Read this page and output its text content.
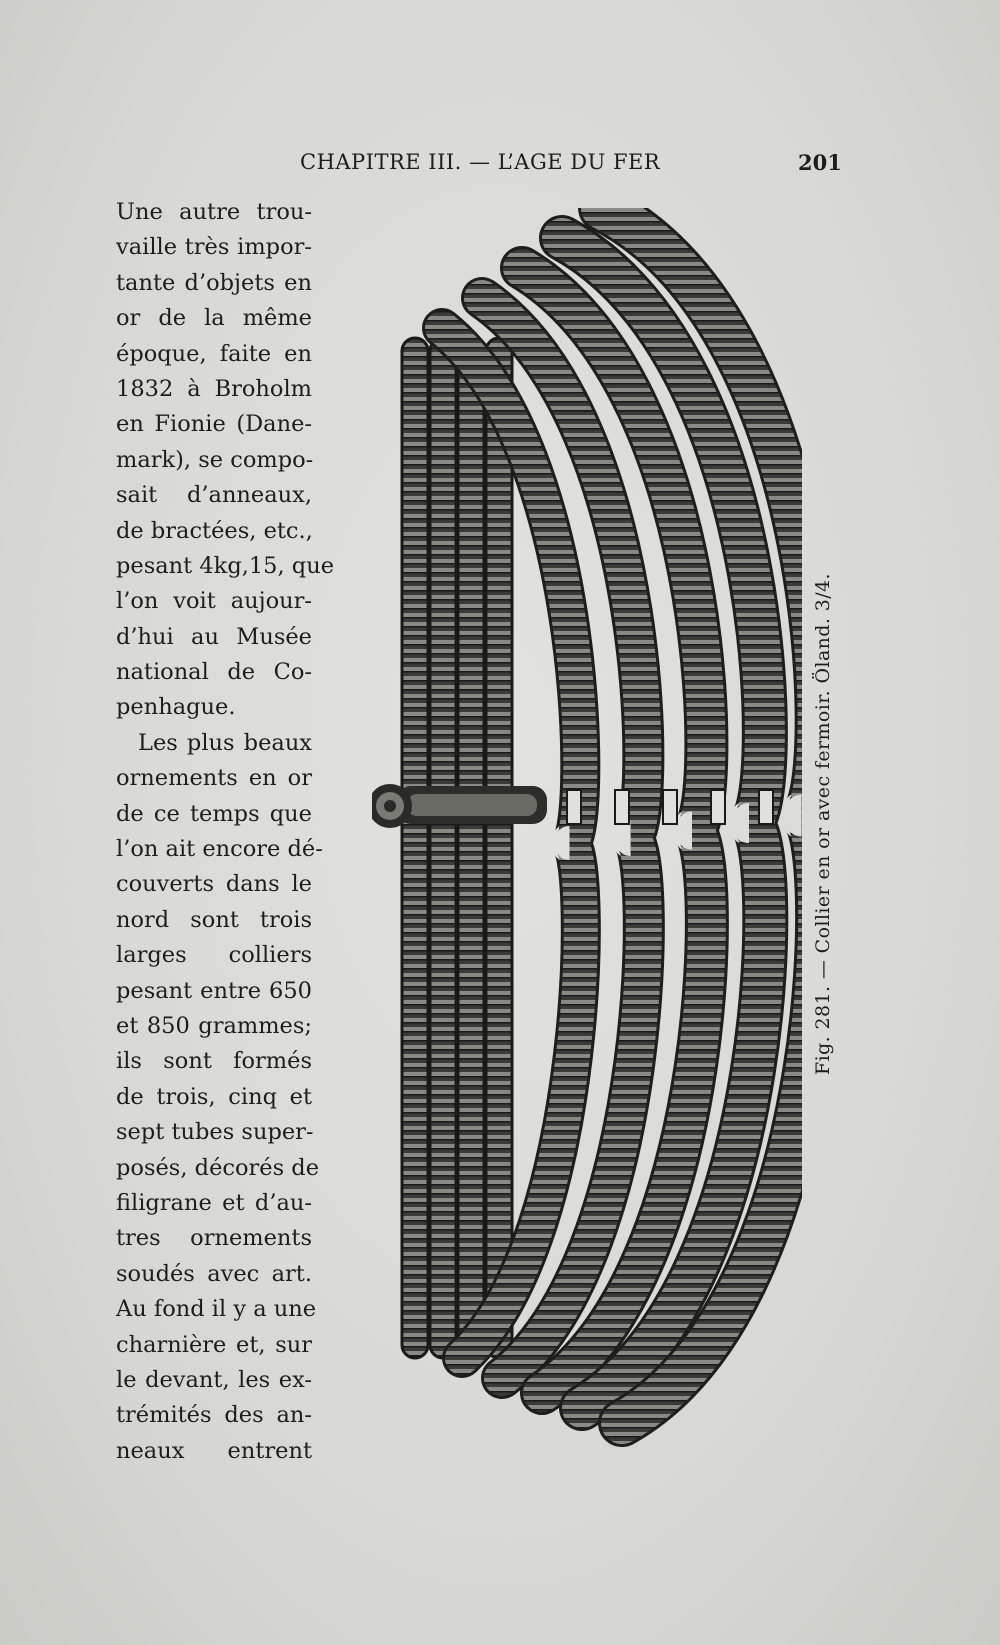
CHAPITRE III. — L’AGE DU FER	201
Une autre trou-
vaille très impor-
tante d’objets en
or de la même
époque, faite en
1832 à Broholm
en Fionie (Dane-
mark), se compo-
sait d’anneaux,
de bractées, etc.,
pesant 4kg,15, que
l’on voit aujour-
d’hui au Musée
national de Co-
penhague.
Les plus beaux
ornements en or
de ce temps que
l’on ait encore dé-
couverts dans le
nord sont trois
larges colliers
pesant entre 650
et 850 grammes;
ils sont formés
de trois, cinq et
sept tubes super-
posés, décorés de
filigrane et d’au-
tres ornements
soudés avec art.
Au fond il y a une
charnière et, sur
le devant, les ex-
trémités des an-
neaux entrent
Fig. 281. — Collier en or avec fermoir. Öland. 3/4.
